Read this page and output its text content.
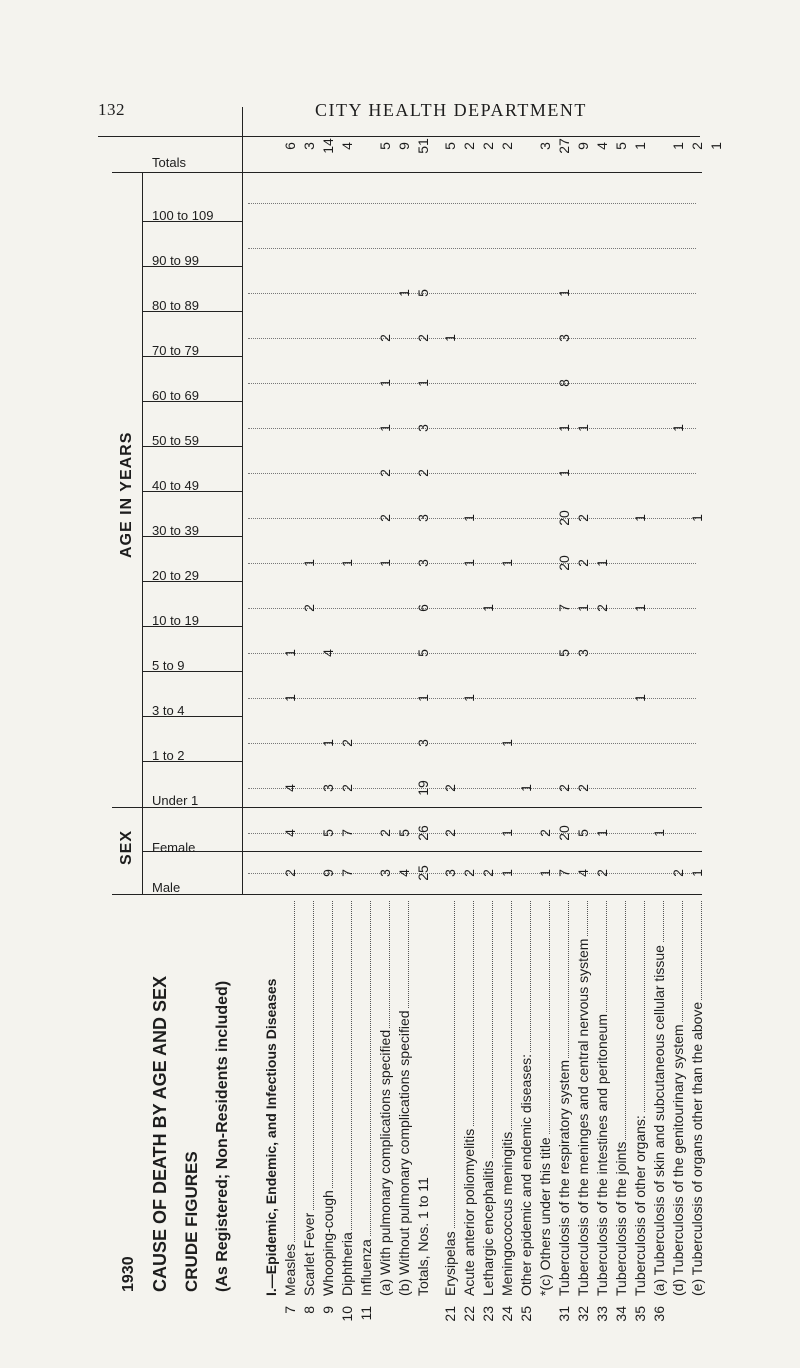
132	CITY HEALTH DEPARTMENT
1930 CAUSE OF DEATH BY AGE AND SEX CRUDE FIGURES (As Registered; Non-Residents included)
SEX
AGE IN YEARS
Male
Female
Under 1
1 to 2
3 to 4
5 to 9
10 to 19
20 to 29
30 to 39
40 to 49
50 to 59
60 to 69
70 to 79
80 to 89
90 to 99
100 to 109
Totals
I.—Epidemic, Endemic, and Infectious Diseases
7
Measles
2
4
4
1
1
6
8
Scarlet Fever
2
1
3
9
Whooping-cough
9
5
3
1
4
14
10
Diphtheria
7
7
2
2
1
4
11
Influenza (a) With pulmonary complications specified
3
2
1
2
2
1
1
2
5
(b) Without pulmonary complications specified
4
5
1
9
Totals, Nos. 1 to 11
25
26
19
3
1
5
6
3
3
2
3
1
2
5
51
21
Erysipelas
3
2
2
1
5
22
Acute anterior poliomyelitis
2
1
1
1
2
23
Lethargic encephalitis
2
1
2
24
Meningococcus meningitis
1
1
1
1
2
25
Other epidemic and endemic diseases:
1
*(c) Others under this title
1
2
3
31
Tuberculosis of the respiratory system
7
20
2
5
7
20
20
1
1
8
3
1
27
32
Tuberculosis of the meninges and central nervous system
4
5
2
3
1
2
2
1
9
33
Tuberculosis of the intestines and peritoneum
2
1
2
1
4
34
Tuberculosis of the joints
5
35
Tuberculosis of other organs:
1
1
1
1
36
(a) Tuberculosis of skin and subcutaneous cellular tissue
1
(d) Tuberculosis of the genitourinary system
2
1
1
(e) Tuberculosis of organs other than the above
1
1
2 1
